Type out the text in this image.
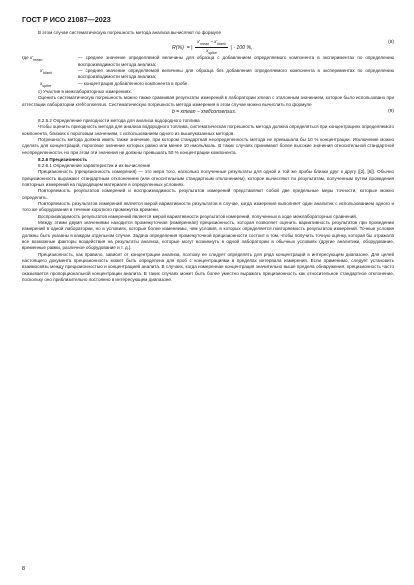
ГОСТ Р ИСО 21087—2023

В этом случае систематическую погрешность метода анализа вычисляют по формуле

R(%)  = | $\frac{x'_{mean} - x'_{blank}}{x_{spike}}$ | · 100 %,
(8)
где $x'_{mean}$	— среднее значение определяемой величины для образца с добавлением определяемого компонента в экспериментах по определению воспроизводимости метода анализа;
$x'_{blank}$	— среднее значение определяемой величины для образца без добавления определяемого компонента в экспериментах по определению воспроизводимости метода анализа;
$x_{spike}$	— концентрация добавленного компонента в пробе.

c) Участие в межлабораторных измерениях.

Оценить систематическую погрешность можно также сравнивая результаты измерений в лаборатории xmean с эталонным значением, которое было использовано при аттестации лаборатории xref/consensus. Систематическую погрешность метода измерения в этом случае можно вычислить по формуле

b = xmean − xref/consensus.	(9)

8.2.5.2 Определение пригодности метода для анализа водородного топлива

Чтобы оценить пригодность метода для анализа водородного топлива, систематическая погрешность метода должна определяться при концентрациях определяемого компонента, близких к пороговым значениям, с использованием одного из вышеуказанных методов.

Погрешность метода должна иметь также значение, при котором стандартная неопределенность метода не превышала бы 10 % концентрации. Исключение можно сделать для концентраций, пороговое значение которых равно или менее 10 нмоль/моль. В таких случаях принимают более высокие значения относительной стандартной неопределенности, но при этом эти значения не должны превышать 50 % концентрации компонента.

8.2.6 Прецизионность

8.2.6.1 Определение характеристик и их вычисление

Прецизионность (прецизионность измерения) — это мера того, насколько полученные результаты для одной и той же пробы близки друг к другу ([2], [6]). Обычно прецизионность выражают стандартным отклонением (или относительным стандартным отклонением), которое вычисляют по результатам, полученным путем проведения повторных измерений на подходящем материале в определенных условиях.

Повторяемость результатов измерений и воспроизводимость результатов измерений представляют собой две предельные меры точности, которые можно определить.

Повторяемость результатов измерений является мерой вариативности результатов в случае, когда измерения выполняет один аналитик с использованием одного и того же оборудования в течение короткого промежутка времени.

Воспроизводимость результатов измерений является мерой вариативности результатов измерений, полученных в ходе межлабораторных сравнений.

Между этими двумя значениями находится промежуточная (измеренная) прецизионность, которая позволяет оценить вариативность результатов при проведении измерений в одной лаборатории, но в условиях, которые более изменяемы, чем условия, в которых определяется повторяемость результатов измерений. Точные условия должны быть указаны в каждом отдельном случае. Задача определения промежуточной прецизионности состоит в том, чтобы получить точную оценку, которая бы отражала все возможные факторы воздействия на результаты анализа, которые могут возникнуть в одной лаборатории в обычных условиях (другие аналитики, оборудование, временные рамки, различное оборудование и т. д.).

Прецизионность, как правило, зависит от концентрации анализа, поэтому ее следует определять для ряда концентраций в интересующем диапазоне. Для целей настоящего документа прецизионность может быть определена для проб с концентрациями в пределах интервала измерения. Если применимо, следует установить взаимосвязь между прецизионностью и концентрацией аналита. В случаях, когда измеренная концентрация значительно выше предела обнаружения, прецизионность часто оказывается пропорциональной концентрации аналита. В таких случаях может быть более уместно выражать прецизионность как относительное стандартное отклонение, поскольку оно приблизительно постоянно в интересующем диапазоне.

8
